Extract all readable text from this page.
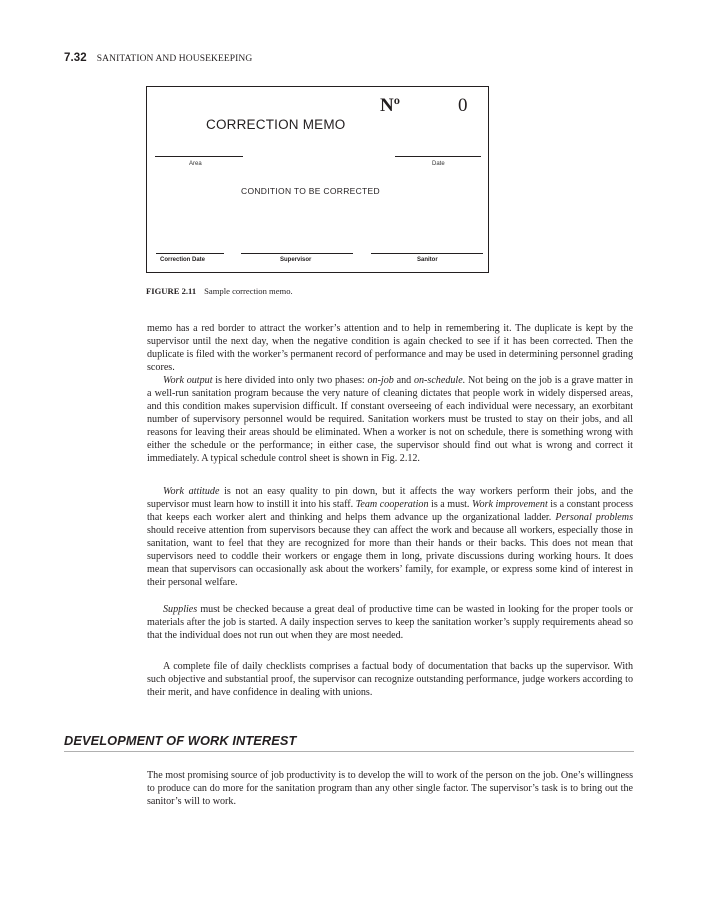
7.32 SANITATION AND HOUSEKEEPING
Nº	0
CORRECTION MEMO
Area	Date
CONDITION TO BE CORRECTED
Correction Date	Supervisor	Sanitor
FIGURE 2.11 Sample correction memo.

memo has a red border to attract the worker’s attention and to help in remembering it. The duplicate is kept by the supervisor until the next day, when the negative condition is again checked to see if it has been corrected. Then the duplicate is filed with the worker’s permanent record of performance and may be used in determining personnel grading scores.

Work output is here divided into only two phases: on-job and on-schedule. Not being on the job is a grave matter in a well-run sanitation program because the very nature of cleaning dictates that people work in widely dispersed areas, and this condition makes supervision difficult. If constant overseeing of each individual were necessary, an exorbitant number of supervisory personnel would be required. Sanitation workers must be trusted to stay on their jobs, and all reasons for leaving their areas should be eliminated. When a worker is not on schedule, there is something wrong with either the schedule or the performance; in either case, the supervisor should find out what is wrong and correct it immediately. A typical schedule control sheet is shown in Fig. 2.12.

Work attitude is not an easy quality to pin down, but it affects the way workers perform their jobs, and the supervisor must learn how to instill it into his staff. Team cooperation is a must. Work improvement is a constant process that keeps each worker alert and thinking and helps them advance up the organizational ladder. Personal problems should receive attention from supervisors because they can affect the work and because all workers, especially those in sanitation, want to feel that they are recognized for more than their hands or their backs. This does not mean that supervisors need to coddle their workers or engage them in long, private discussions during working hours. It does mean that supervisors can occasionally ask about the workers’ family, for example, or express some kind of interest in their personal welfare.

Supplies must be checked because a great deal of productive time can be wasted in looking for the proper tools or materials after the job is started. A daily inspection serves to keep the sanitation worker’s supply requirements ahead so that the individual does not run out when they are most needed.

A complete file of daily checklists comprises a factual body of documentation that backs up the supervisor. With such objective and substantial proof, the supervisor can recognize outstanding performance, judge workers according to their merit, and have confidence in dealing with unions.

DEVELOPMENT OF WORK INTEREST

The most promising source of job productivity is to develop the will to work of the person on the job. One’s willingness to produce can do more for the sanitation program than any other single factor. The supervisor’s task is to bring out the sanitor’s will to work.
